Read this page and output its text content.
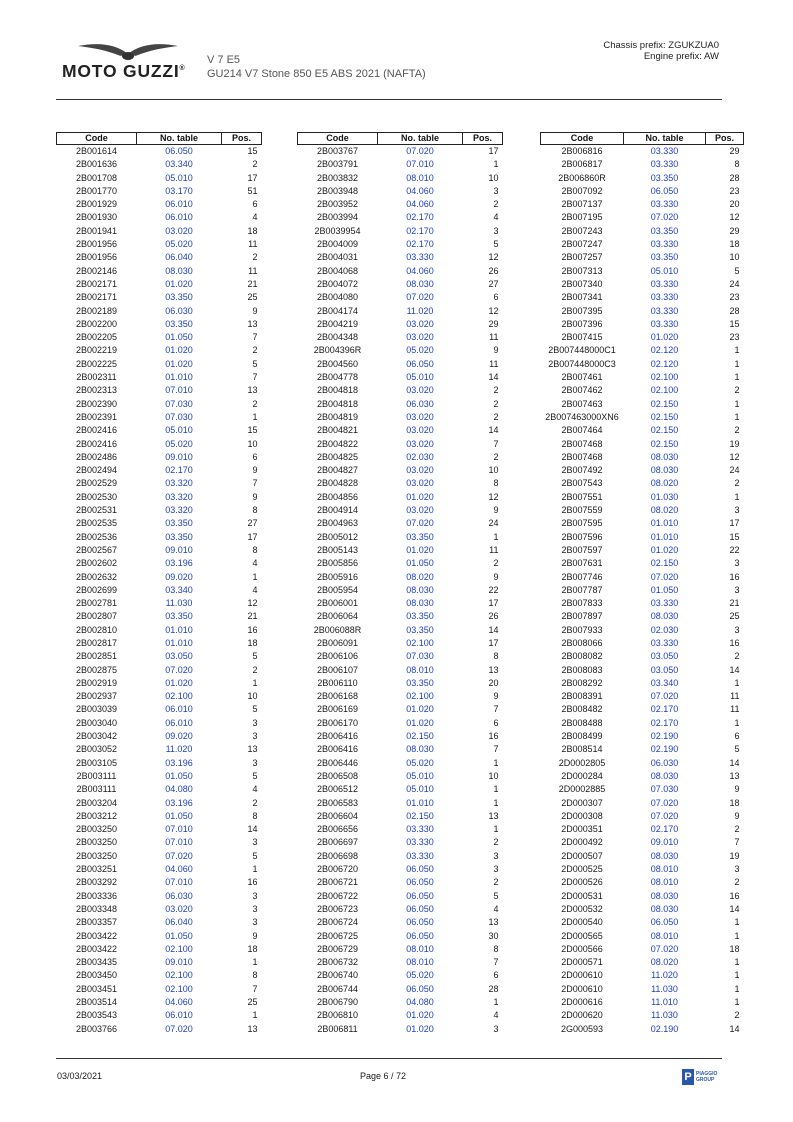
MOTO GUZZI®
V 7 E5
GU214 V7 Stone 850 E5 ABS 2021 (NAFTA)
Chassis prefix: ZGUKZUA0
Engine prefix: AW
Code	No. table	Pos.
2B001614	06.050	15
2B001636	03.340	2
2B001708	05.010	17
2B001770	03.170	51
2B001929	06.010	6
2B001930	06.010	4
2B001941	03.020	18
2B001956	05.020	11
2B001956	06.040	2
2B002146	08.030	11
2B002171	01.020	21
2B002171	03.350	25
2B002189	06.030	9
2B002200	03.350	13
2B002205	01.050	7
2B002219	01.020	2
2B002225	01.020	5
2B002311	01.010	7
2B002313	07.010	13
2B002390	07.030	2
2B002391	07.030	1
2B002416	05.010	15
2B002416	05.020	10
2B002486	09.010	6
2B002494	02.170	9
2B002529	03.320	7
2B002530	03.320	9
2B002531	03.320	8
2B002535	03.350	27
2B002536	03.350	17
2B002567	09.010	8
2B002602	03.196	4
2B002632	09.020	1
2B002699	03.340	4
2B002781	11.030	12
2B002807	03.350	21
2B002810	01.010	16
2B002817	01.010	18
2B002851	03.050	5
2B002875	07.020	2
2B002919	01.020	1
2B002937	02.100	10
2B003039	06.010	5
2B003040	06.010	3
2B003042	09.020	3
2B003052	11.020	13
2B003105	03.196	3
2B003111	01.050	5
2B003111	04.080	4
2B003204	03.196	2
2B003212	01.050	8
2B003250	07.010	14
2B003250	07.010	3
2B003250	07.020	5
2B003251	04.060	1
2B003292	07.010	16
2B003336	06.030	3
2B003348	03.020	3
2B003357	06.040	3
2B003422	01.050	9
2B003422	02.100	18
2B003435	09.010	1
2B003450	02.100	8
2B003451	02.100	7
2B003514	04.060	25
2B003543	06.010	1
2B003766	07.020	13
Code	No. table	Pos.
2B003767	07.020	17
2B003791	07.010	1
2B003832	08.010	10
2B003948	04.060	3
2B003952	04.060	2
2B003994	02.170	4
2B0039954	02.170	3
2B004009	02.170	5
2B004031	03.330	12
2B004068	04.060	26
2B004072	08.030	27
2B004080	07.020	6
2B004174	11.020	12
2B004219	03.020	29
2B004348	03.020	11
2B004396R	05.020	9
2B004560	06.050	11
2B004778	05.010	14
2B004818	03.020	2
2B004818	06.030	2
2B004819	03.020	2
2B004821	03.020	14
2B004822	03.020	7
2B004825	02.030	2
2B004827	03.020	10
2B004828	03.020	8
2B004856	01.020	12
2B004914	03.020	9
2B004963	07.020	24
2B005012	03.350	1
2B005143	01.020	11
2B005856	01.050	2
2B005916	08.020	9
2B005954	08.030	22
2B006001	08.030	17
2B006064	03.350	26
2B006088R	03.350	14
2B006091	02.100	17
2B006106	07.030	8
2B006107	08.010	13
2B006110	03.350	20
2B006168	02.100	9
2B006169	01.020	7
2B006170	01.020	6
2B006416	02.150	16
2B006416	08.030	7
2B006446	05.020	1
2B006508	05.010	10
2B006512	05.010	1
2B006583	01.010	1
2B006604	02.150	13
2B006656	03.330	1
2B006697	03.330	2
2B006698	03.330	3
2B006720	06.050	3
2B006721	06.050	2
2B006722	06.050	5
2B006723	06.050	4
2B006724	06.050	13
2B006725	06.050	30
2B006729	08.010	8
2B006732	08.010	7
2B006740	05.020	6
2B006744	06.050	28
2B006790	04.080	1
2B006810	01.020	4
2B006811	01.020	3
Code	No. table	Pos.
2B006816	03.330	29
2B006817	03.330	8
2B006860R	03.350	28
2B007092	06.050	23
2B007137	03.330	20
2B007195	07.020	12
2B007243	03.350	29
2B007247	03.330	18
2B007257	03.350	10
2B007313	05.010	5
2B007340	03.330	24
2B007341	03.330	23
2B007395	03.330	28
2B007396	03.330	15
2B007415	01.020	23
2B007448000C1	02.120	1
2B007448000C3	02.120	1
2B007461	02.100	1
2B007462	02.100	2
2B007463	02.150	1
2B007463000XN6	02.150	1
2B007464	02.150	2
2B007468	02.150	19
2B007468	08.030	12
2B007492	08.030	24
2B007543	08.020	2
2B007551	01.030	1
2B007559	08.020	3
2B007595	01.010	17
2B007596	01.010	15
2B007597	01.020	22
2B007631	02.150	3
2B007746	07.020	16
2B007787	01.050	3
2B007833	03.330	21
2B007897	08.030	25
2B007933	02.030	3
2B008066	03.330	16
2B008082	03.050	2
2B008083	03.050	14
2B008292	03.340	1
2B008391	07.020	11
2B008482	02.170	11
2B008488	02.170	1
2B008499	02.190	6
2B008514	02.190	5
2D0002805	06.030	14
2D000284	08.030	13
2D0002885	07.030	9
2D000307	07.020	18
2D000308	07.020	9
2D000351	02.170	2
2D000492	09.010	7
2D000507	08.030	19
2D000525	08.010	3
2D000526	08.010	2
2D000531	08.030	16
2D000532	08.030	14
2D000540	06.050	1
2D000565	08.010	1
2D000566	07.020	18
2D000571	08.020	1
2D000610	11.020	1
2D000610	11.030	1
2D000616	11.010	1
2D000620	11.030	2
2G000593	02.190	14
03/03/2021	Page 6 / 72	P PIAGGIO GROUP
